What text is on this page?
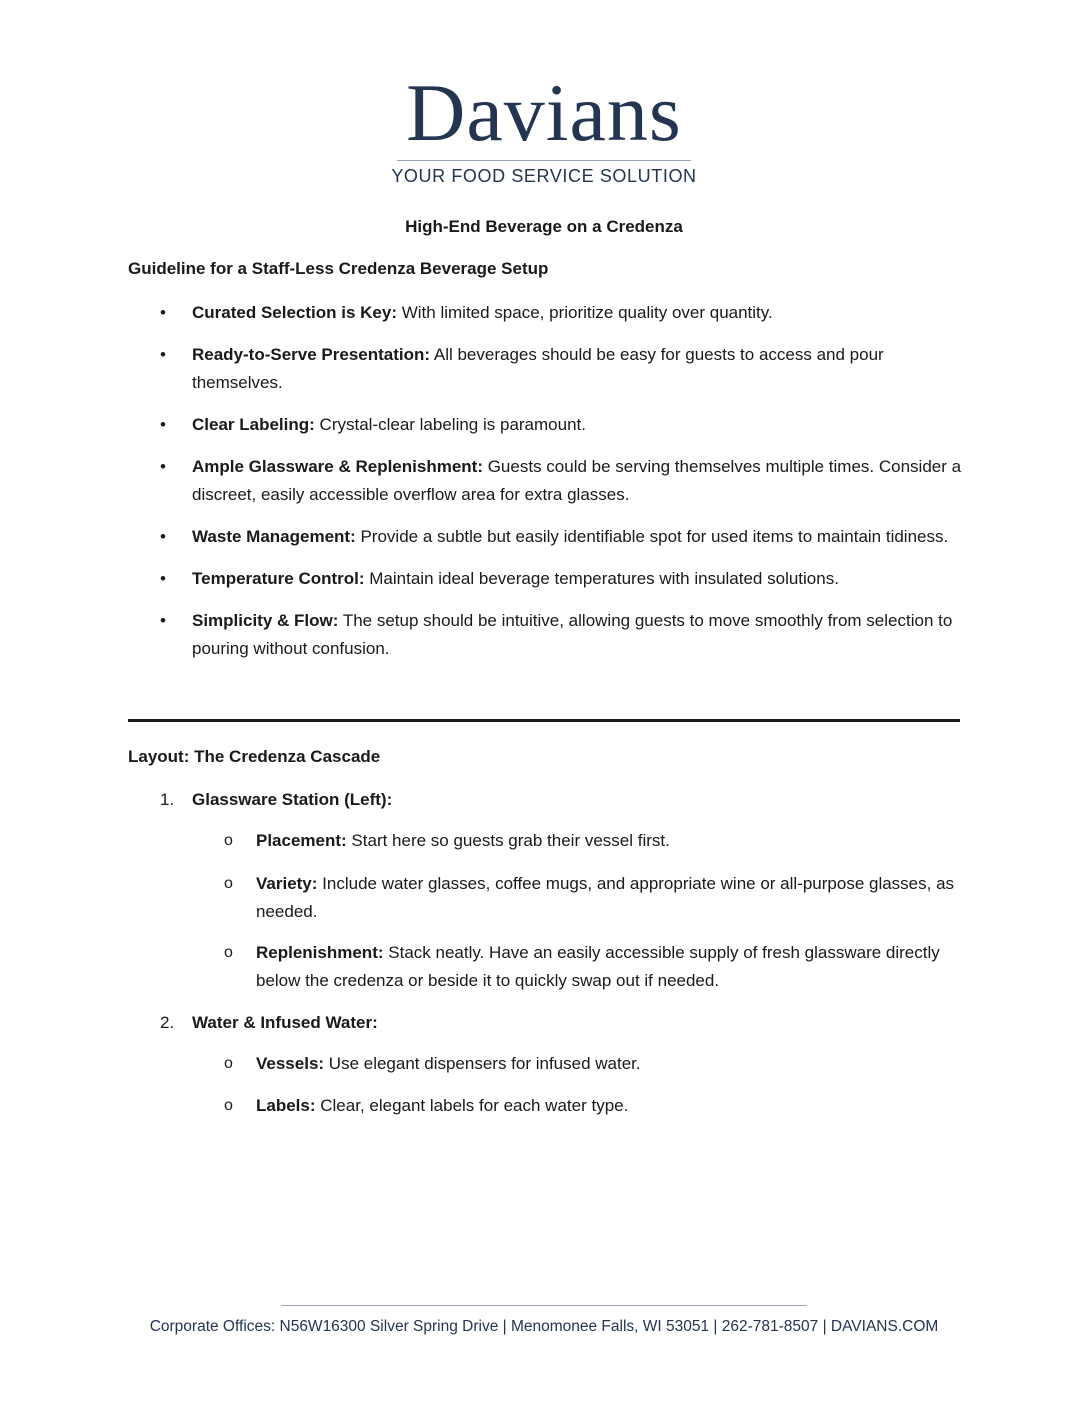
Davians
YOUR FOOD SERVICE SOLUTION
High-End Beverage on a Credenza
Guideline for a Staff-Less Credenza Beverage Setup
• Curated Selection is Key: With limited space, prioritize quality over quantity.
• Ready-to-Serve Presentation: All beverages should be easy for guests to access and pour themselves.
• Clear Labeling: Crystal-clear labeling is paramount.
• Ample Glassware & Replenishment: Guests could be serving themselves multiple times. Consider a discreet, easily accessible overflow area for extra glasses.
• Waste Management: Provide a subtle but easily identifiable spot for used items to maintain tidiness.
• Temperature Control: Maintain ideal beverage temperatures with insulated solutions.
• Simplicity & Flow: The setup should be intuitive, allowing guests to move smoothly from selection to pouring without confusion.
Layout: The Credenza Cascade
1. Glassware Station (Left):
o Placement: Start here so guests grab their vessel first.
o Variety: Include water glasses, coffee mugs, and appropriate wine or all-purpose glasses, as needed.
o Replenishment: Stack neatly. Have an easily accessible supply of fresh glassware directly below the credenza or beside it to quickly swap out if needed.
2. Water & Infused Water:
o Vessels: Use elegant dispensers for infused water.
o Labels: Clear, elegant labels for each water type.
Corporate Offices: N56W16300 Silver Spring Drive | Menomonee Falls, WI 53051 | 262-781-8507 | DAVIANS.COM
